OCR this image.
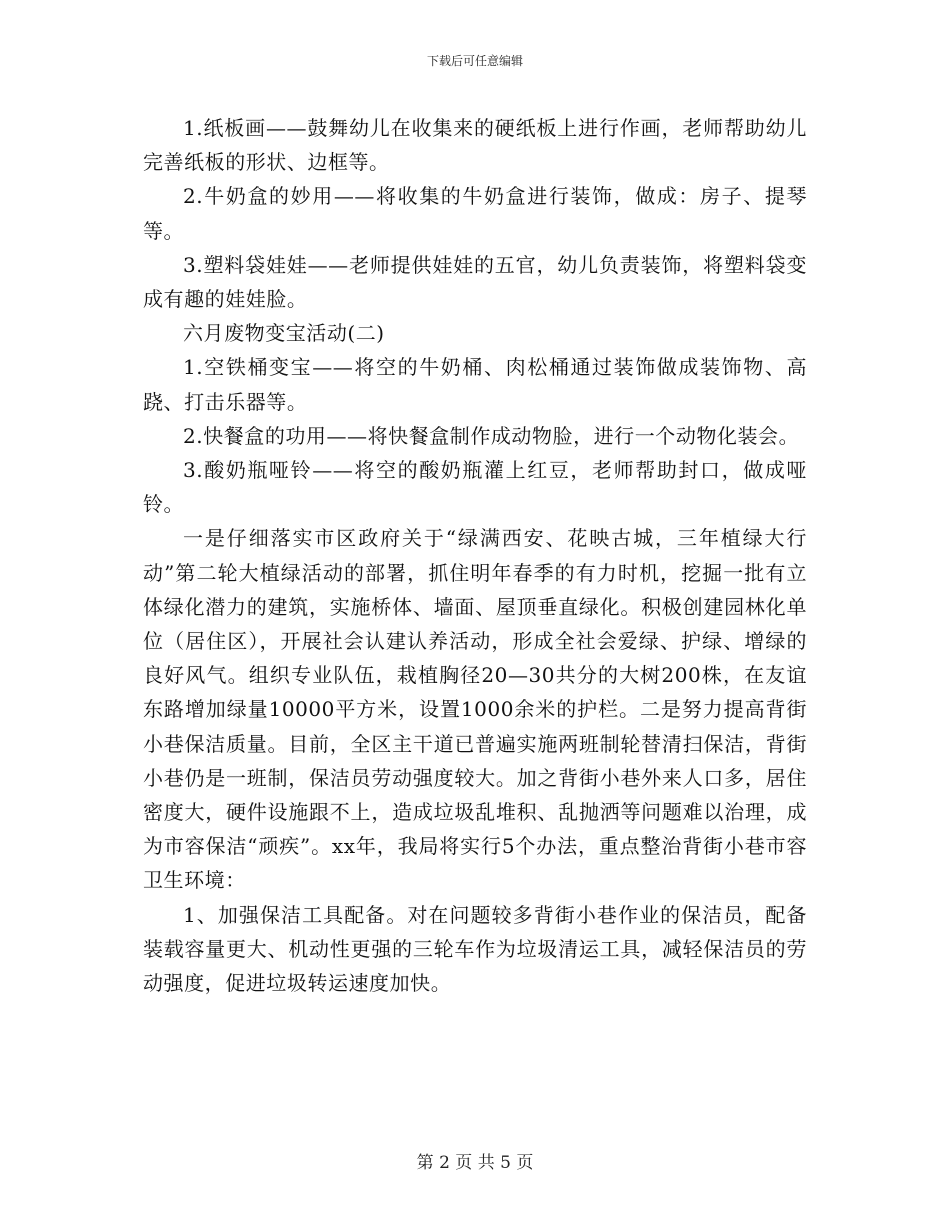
下载后可任意编辑

1.纸板画——鼓舞幼儿在收集来的硬纸板上进行作画，老师帮助幼儿完善纸板的形状、边框等。

2.牛奶盒的妙用——将收集的牛奶盒进行装饰，做成：房子、提琴等。

3.塑料袋娃娃——老师提供娃娃的五官，幼儿负责装饰，将塑料袋变成有趣的娃娃脸。

六月废物变宝活动(二)

1.空铁桶变宝——将空的牛奶桶、肉松桶通过装饰做成装饰物、高跷、打击乐器等。

2.快餐盒的功用——将快餐盒制作成动物脸，进行一个动物化装会。

3.酸奶瓶哑铃——将空的酸奶瓶灌上红豆，老师帮助封口，做成哑铃。

一是仔细落实市区政府关于“绿满西安、花映古城，三年植绿大行动”第二轮大植绿活动的部署，抓住明年春季的有力时机，挖掘一批有立体绿化潜力的建筑，实施桥体、墙面、屋顶垂直绿化。积极创建园林化单位（居住区），开展社会认建认养活动，形成全社会爱绿、护绿、增绿的良好风气。组织专业队伍，栽植胸径20—30共分的大树200株，在友谊东路增加绿量10000平方米，设置1000余米的护栏。二是努力提高背街小巷保洁质量。目前，全区主干道已普遍实施两班制轮替清扫保洁，背街小巷仍是一班制，保洁员劳动强度较大。加之背街小巷外来人口多，居住密度大，硬件设施跟不上，造成垃圾乱堆积、乱抛洒等问题难以治理，成为市容保洁“顽疾”。xx年，我局将实行5个办法，重点整治背街小巷市容卫生环境：

1、加强保洁工具配备。对在问题较多背街小巷作业的保洁员，配备装载容量更大、机动性更强的三轮车作为垃圾清运工具，减轻保洁员的劳动强度，促进垃圾转运速度加快。

第 2 页 共 5 页
